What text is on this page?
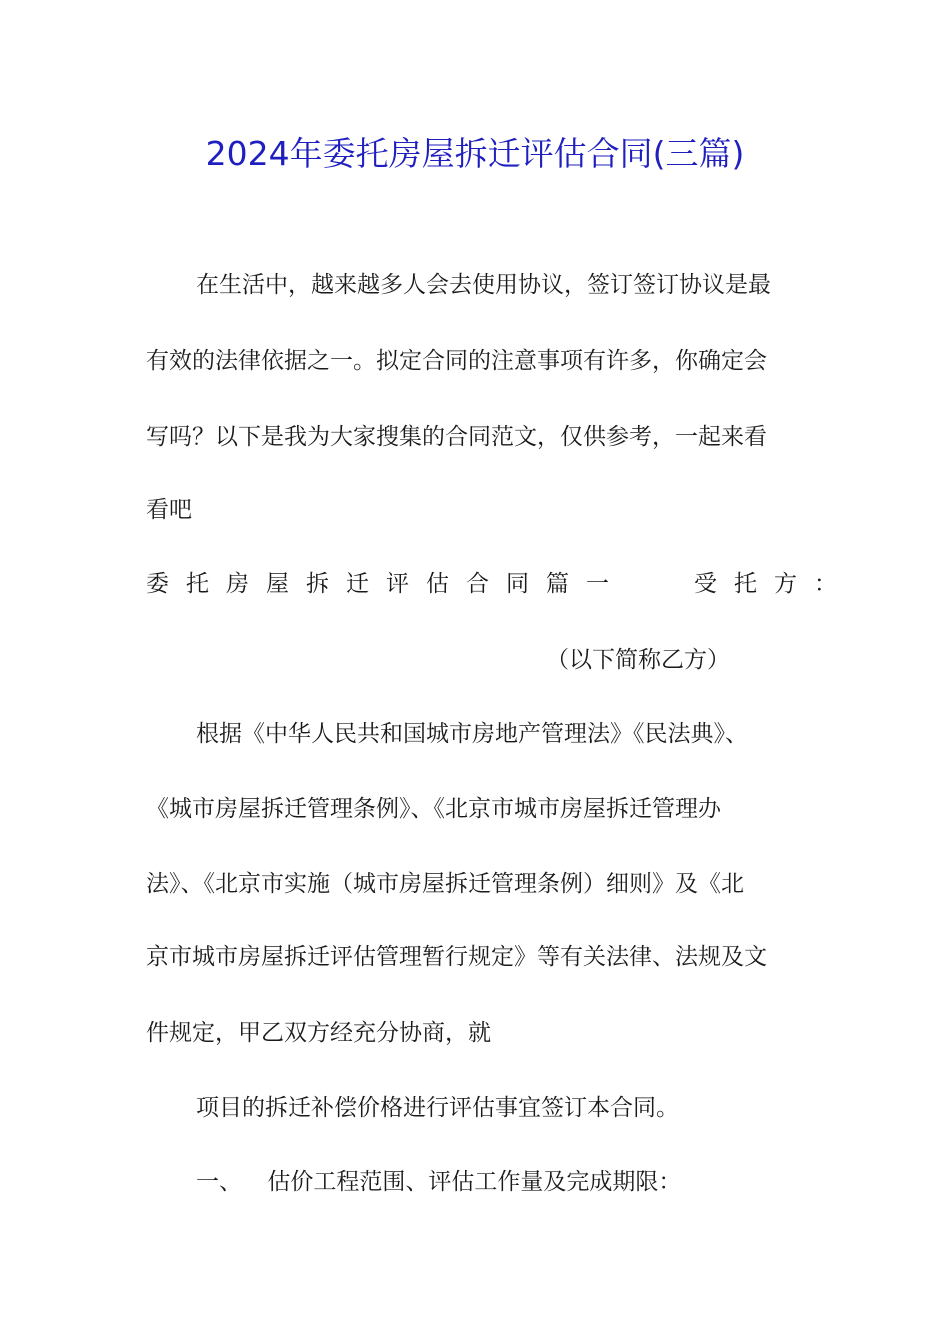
2024年委托房屋拆迁评估合同(三篇)
在生活中，越来越多人会去使用协议，签订签订协议是最
有效的法律依据之一。拟定合同的注意事项有许多，你确定会
写吗？以下是我为大家搜集的合同范文，仅供参考，一起来看
看吧
委托房屋拆迁评估合同篇一	受托方：
（以下简称乙方）
根据《中华人民共和国城市房地产管理法》《民法典》、
《城市房屋拆迁管理条例》、《北京市城市房屋拆迁管理办
法》、《北京市实施（城市房屋拆迁管理条例）细则》及《北
京市城市房屋拆迁评估管理暂行规定》等有关法律、法规及文
件规定，甲乙双方经充分协商，就
项目的拆迁补偿价格进行评估事宜签订本合同。
一、 估价工程范围、评估工作量及完成期限：
